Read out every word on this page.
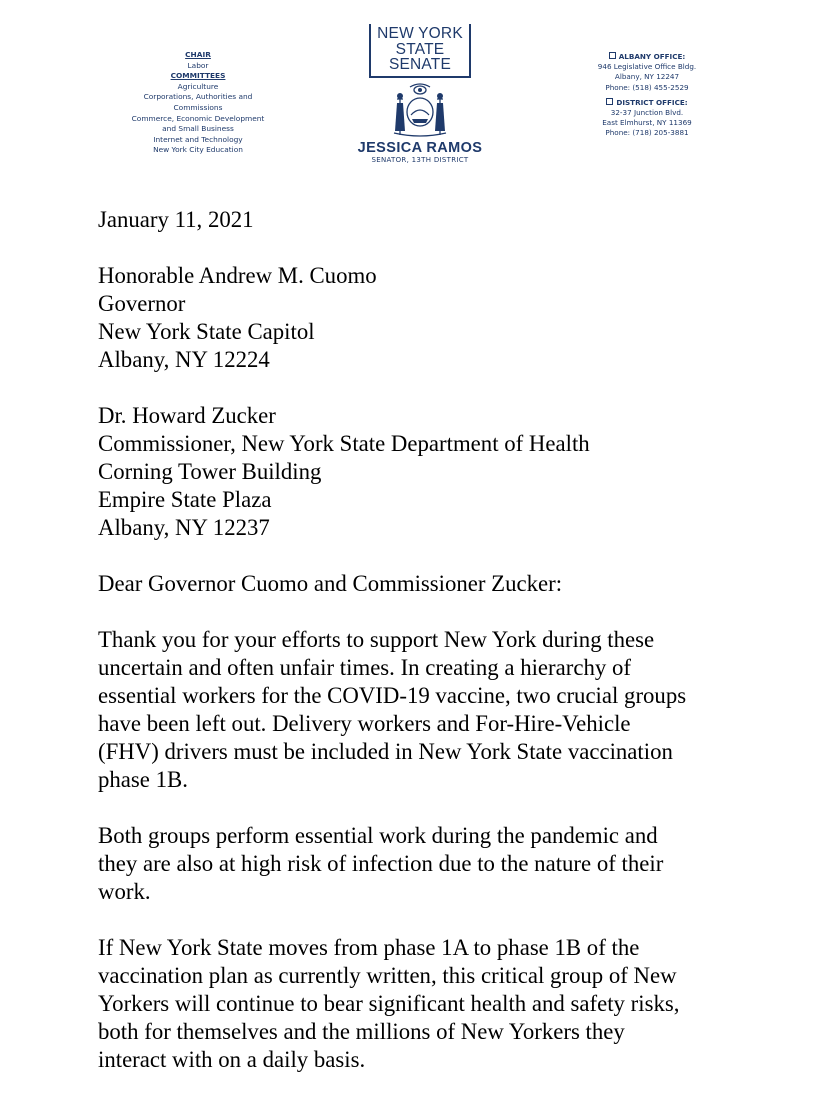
CHAIR
Labor
COMMITTEES
Agriculture
Corporations, Authorities and
Commissions
Commerce, Economic Development
and Small Business
Internet and Technology
New York City Education
NEW YORK
STATE
SENATE
JESSICA RAMOS
SENATOR, 13TH DISTRICT
ALBANY OFFICE:
946 Legislative Office Bldg.
Albany, NY 12247
Phone: (518) 455-2529
DISTRICT OFFICE:
32-37 Junction Blvd.
East Elmhurst, NY 11369
Phone: (718) 205-3881
January 11, 2021
Honorable Andrew M. Cuomo
Governor
New York State Capitol
Albany, NY 12224
Dr. Howard Zucker
Commissioner, New York State Department of Health
Corning Tower Building
Empire State Plaza
Albany, NY 12237
Dear Governor Cuomo and Commissioner Zucker:
Thank you for your efforts to support New York during these
uncertain and often unfair times. In creating a hierarchy of
essential workers for the COVID-19 vaccine, two crucial groups
have been left out. Delivery workers and For-Hire-Vehicle
(FHV) drivers must be included in New York State vaccination
phase 1B.
Both groups perform essential work during the pandemic and
they are also at high risk of infection due to the nature of their
work.
If New York State moves from phase 1A to phase 1B of the
vaccination plan as currently written, this critical group of New
Yorkers will continue to bear significant health and safety risks,
both for themselves and the millions of New Yorkers they
interact with on a daily basis.
